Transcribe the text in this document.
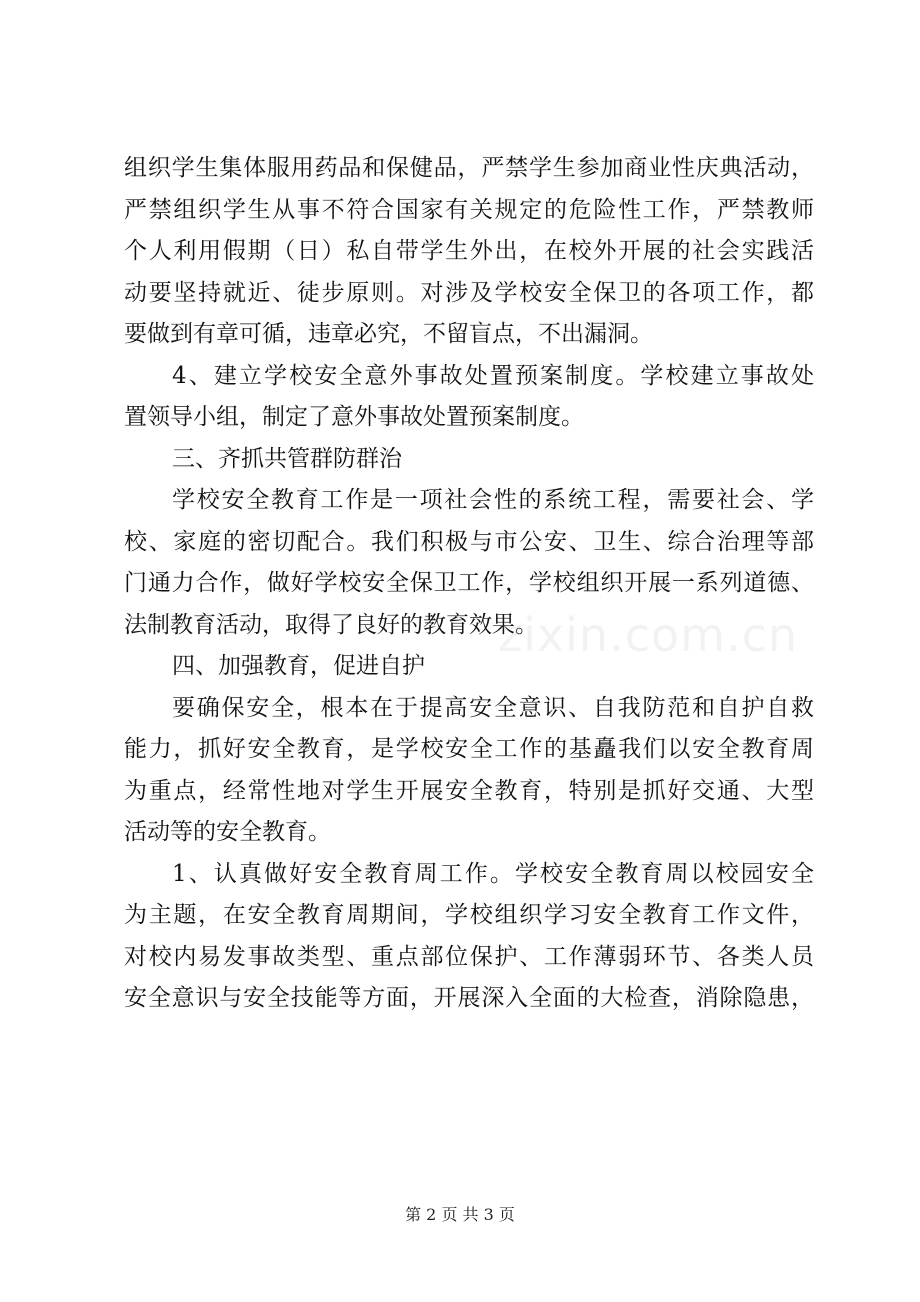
组织学生集体服用药品和保健品，严禁学生参加商业性庆典活动，
严禁组织学生从事不符合国家有关规定的危险性工作，严禁教师
个人利用假期（日）私自带学生外出，在校外开展的社会实践活
动要坚持就近、徒步原则。对涉及学校安全保卫的各项工作，都
要做到有章可循，违章必究，不留盲点，不出漏洞。
4、建立学校安全意外事故处置预案制度。学校建立事故处
置领导小组，制定了意外事故处置预案制度。
三、齐抓共管群防群治
学校安全教育工作是一项社会性的系统工程，需要社会、学
校、家庭的密切配合。我们积极与市公安、卫生、综合治理等部
门通力合作，做好学校安全保卫工作，学校组织开展一系列道德、
法制教育活动，取得了良好的教育效果。
四、加强教育，促进自护
要确保安全，根本在于提高安全意识、自我防范和自护自救
能力，抓好安全教育，是学校安全工作的基矗我们以安全教育周
为重点，经常性地对学生开展安全教育，特别是抓好交通、大型
活动等的安全教育。
1、认真做好安全教育周工作。学校安全教育周以校园安全
为主题，在安全教育周期间，学校组织学习安全教育工作文件，
对校内易发事故类型、重点部位保护、工作薄弱环节、各类人员
安全意识与安全技能等方面，开展深入全面的大检查，消除隐患，
zixin.com.cn
第 2 页 共 3 页
